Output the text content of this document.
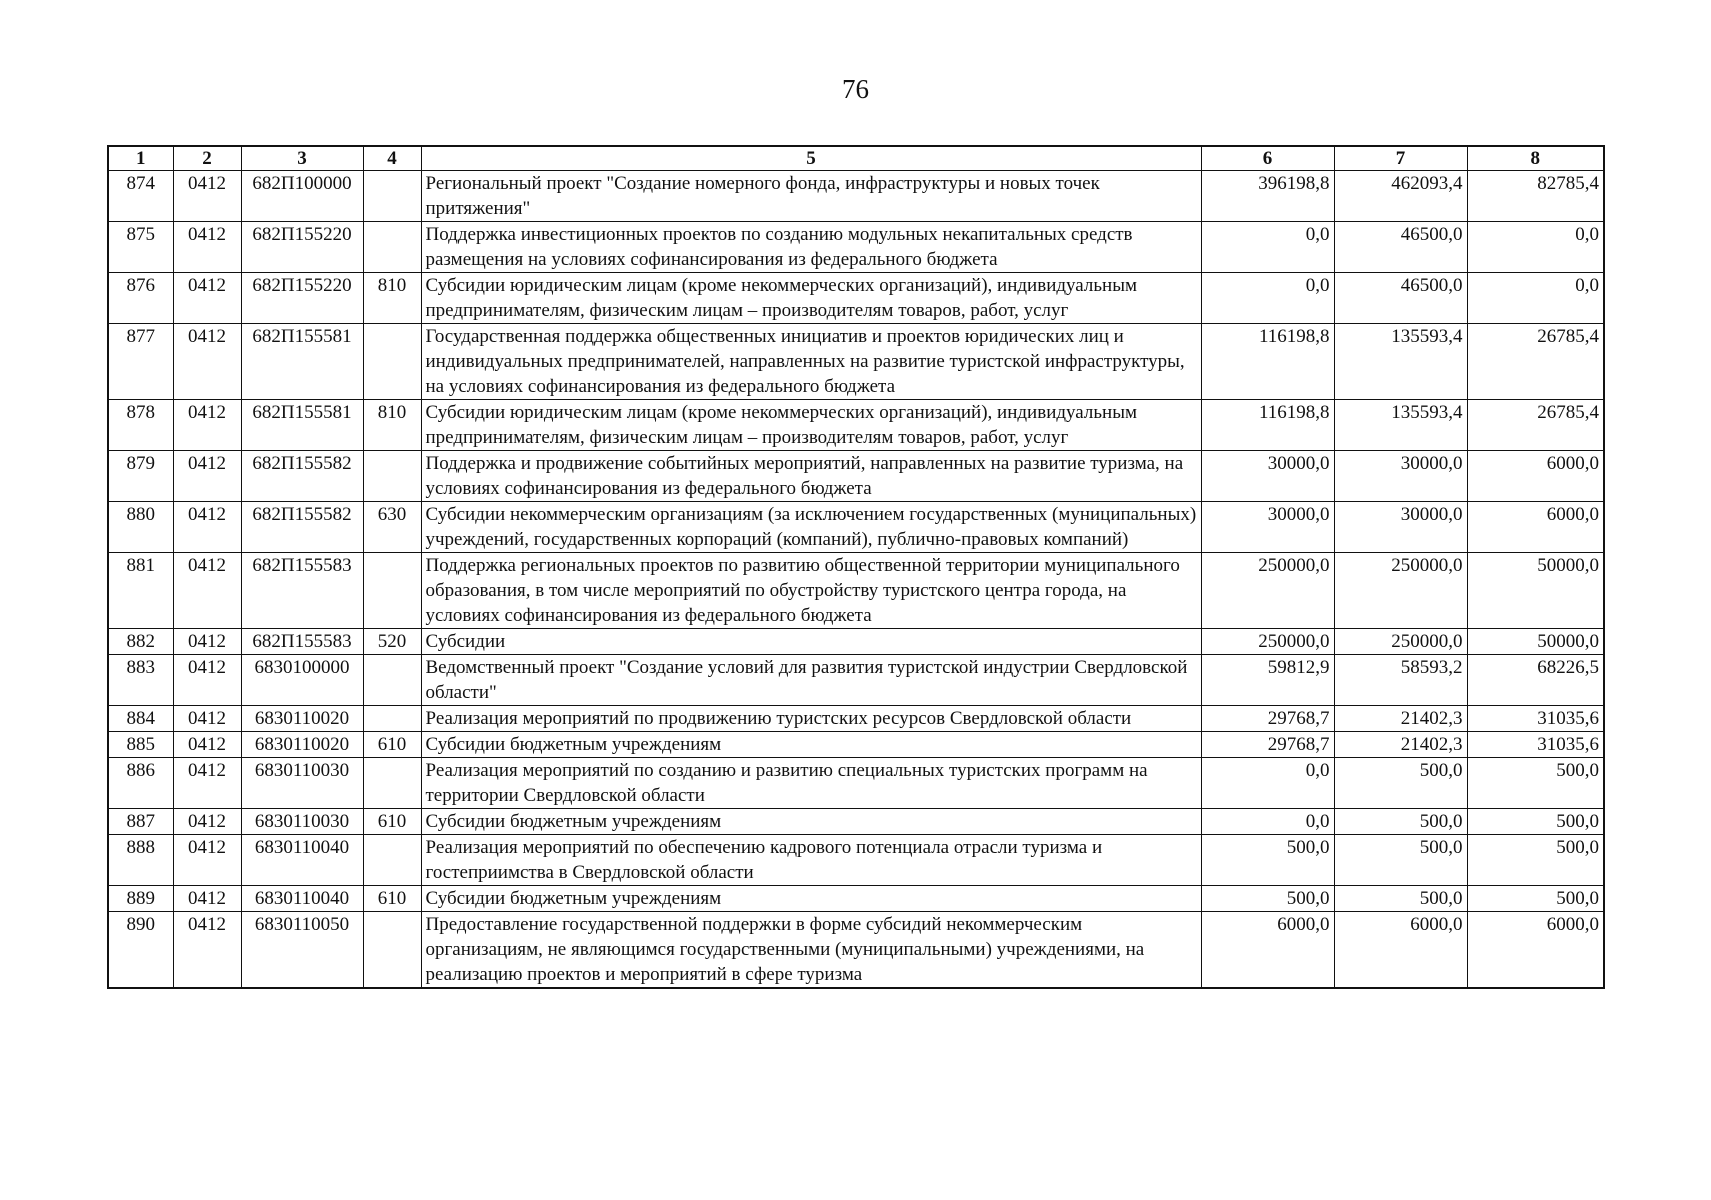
76
1	2	3	4	5	6	7	8
874	0412	682П100000		Региональный проект "Создание номерного фонда, инфраструктуры и новых точек притяжения"	396198,8	462093,4	82785,4
875	0412	682П155220		Поддержка инвестиционных проектов по созданию модульных некапитальных средств размещения на условиях софинансирования из федерального бюджета	0,0	46500,0	0,0
876	0412	682П155220	810	Субсидии юридическим лицам (кроме некоммерческих организаций), индивидуальным предпринимателям, физическим лицам – производителям товаров, работ, услуг	0,0	46500,0	0,0
877	0412	682П155581		Государственная поддержка общественных инициатив и проектов юридических лиц и индивидуальных предпринимателей, направленных на развитие туристской инфраструктуры, на условиях софинансирования из федерального бюджета	116198,8	135593,4	26785,4
878	0412	682П155581	810	Субсидии юридическим лицам (кроме некоммерческих организаций), индивидуальным предпринимателям, физическим лицам – производителям товаров, работ, услуг	116198,8	135593,4	26785,4
879	0412	682П155582		Поддержка и продвижение событийных мероприятий, направленных на развитие туризма, на условиях софинансирования из федерального бюджета	30000,0	30000,0	6000,0
880	0412	682П155582	630	Субсидии некоммерческим организациям (за исключением государственных (муниципальных) учреждений, государственных корпораций (компаний), публично-правовых компаний)	30000,0	30000,0	6000,0
881	0412	682П155583		Поддержка региональных проектов по развитию общественной территории муниципального образования, в том числе мероприятий по обустройству туристского центра города, на условиях софинансирования из федерального бюджета	250000,0	250000,0	50000,0
882	0412	682П155583	520	Субсидии	250000,0	250000,0	50000,0
883	0412	6830100000		Ведомственный проект "Создание условий для развития туристской индустрии Свердловской области"	59812,9	58593,2	68226,5
884	0412	6830110020		Реализация мероприятий по продвижению туристских ресурсов Свердловской области	29768,7	21402,3	31035,6
885	0412	6830110020	610	Субсидии бюджетным учреждениям	29768,7	21402,3	31035,6
886	0412	6830110030		Реализация мероприятий по созданию и развитию специальных туристских программ на территории Свердловской области	0,0	500,0	500,0
887	0412	6830110030	610	Субсидии бюджетным учреждениям	0,0	500,0	500,0
888	0412	6830110040		Реализация мероприятий по обеспечению кадрового потенциала отрасли туризма и гостеприимства в Свердловской области	500,0	500,0	500,0
889	0412	6830110040	610	Субсидии бюджетным учреждениям	500,0	500,0	500,0
890	0412	6830110050		Предоставление государственной поддержки в форме субсидий некоммерческим организациям, не являющимся государственными (муниципальными) учреждениями, на реализацию проектов и мероприятий в сфере туризма	6000,0	6000,0	6000,0
